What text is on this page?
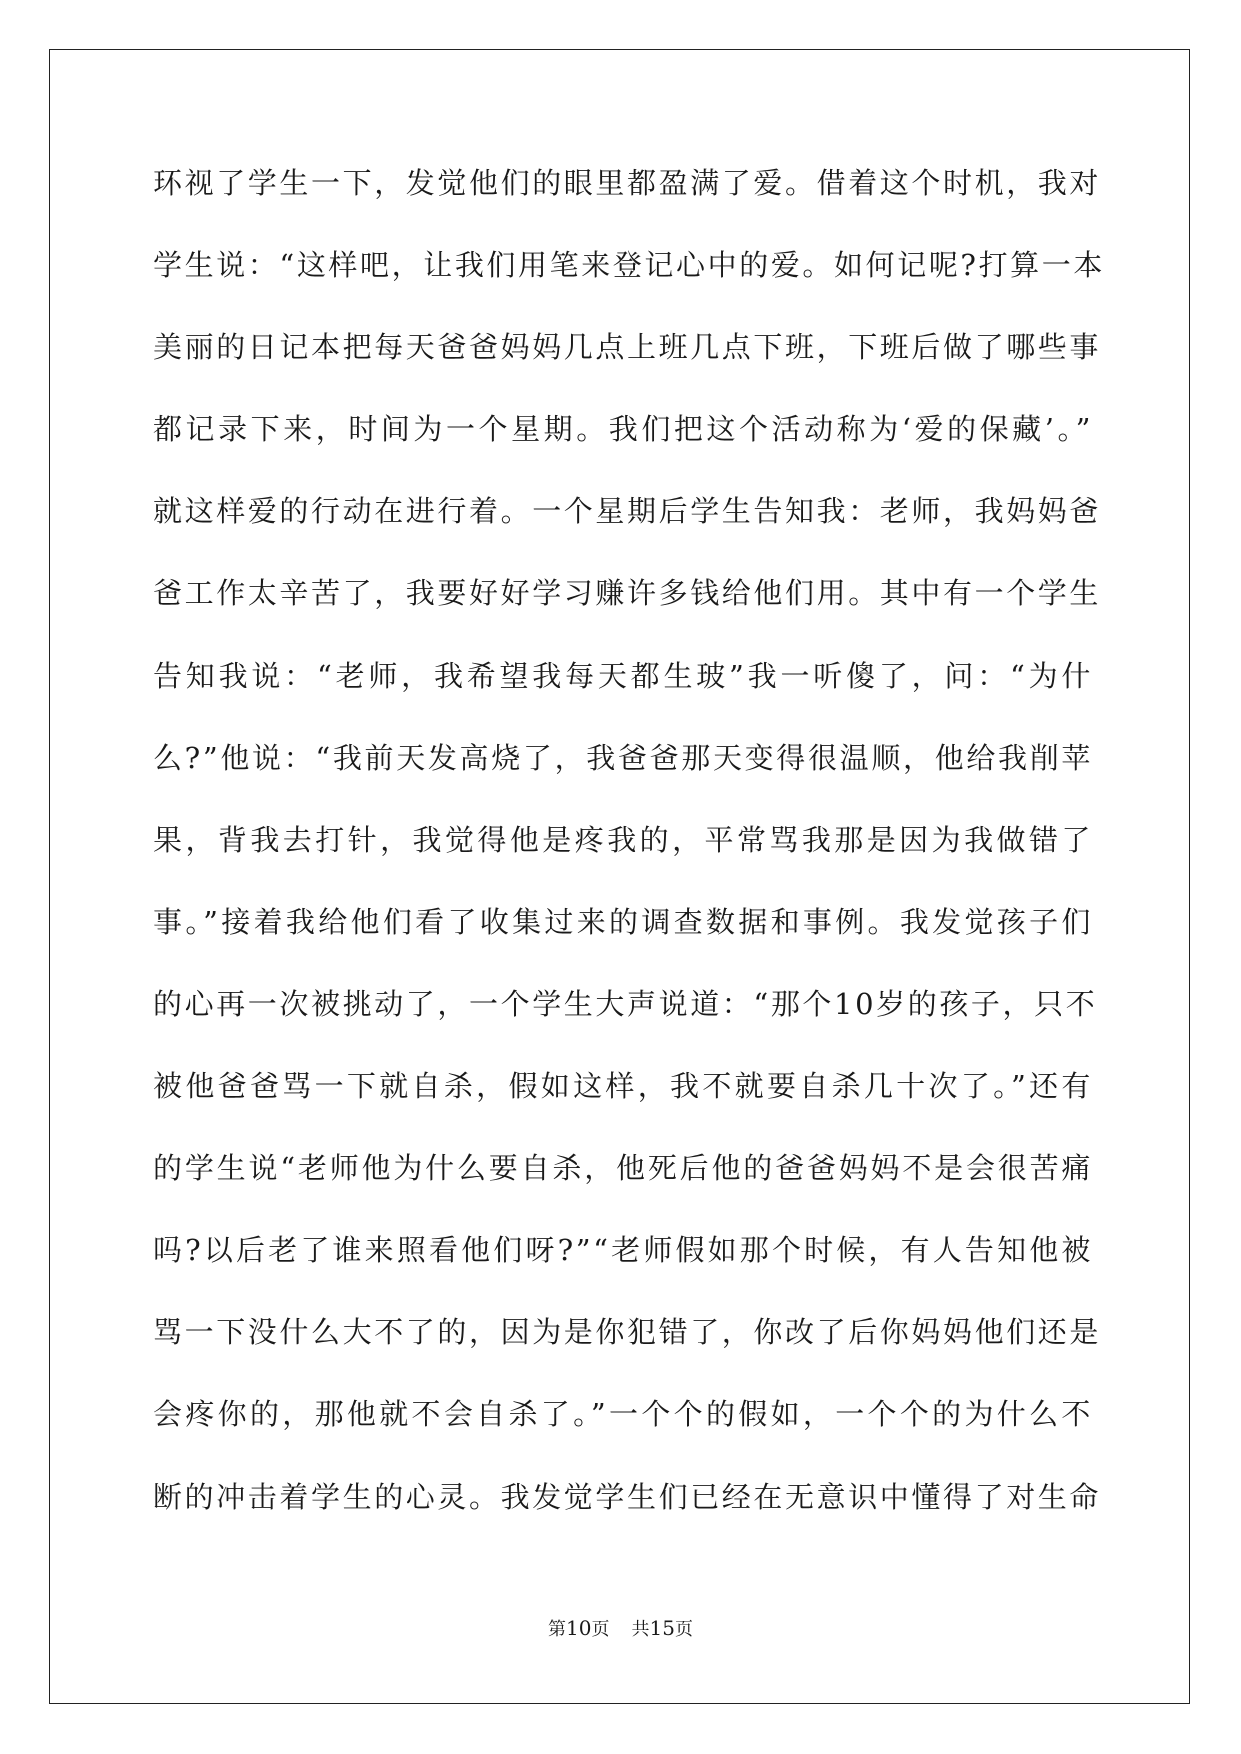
环视了学生一下，发觉他们的眼里都盈满了爱。借着这个时机，我对
学生说：“这样吧，让我们用笔来登记心中的爱。如何记呢?打算一本
美丽的日记本把每天爸爸妈妈几点上班几点下班，下班后做了哪些事
都记录下来，时间为一个星期。我们把这个活动称为‘爱的保藏’。”
就这样爱的行动在进行着。一个星期后学生告知我：老师，我妈妈爸
爸工作太辛苦了，我要好好学习赚许多钱给他们用。其中有一个学生
告知我说：“老师，我希望我每天都生玻”我一听傻了，问：“为什
么?”他说：“我前天发高烧了，我爸爸那天变得很温顺，他给我削苹
果，背我去打针，我觉得他是疼我的，平常骂我那是因为我做错了
事。”接着我给他们看了收集过来的调查数据和事例。我发觉孩子们
的心再一次被挑动了，一个学生大声说道：“那个10岁的孩子，只不
被他爸爸骂一下就自杀，假如这样，我不就要自杀几十次了。”还有
的学生说“老师他为什么要自杀，他死后他的爸爸妈妈不是会很苦痛
吗?以后老了谁来照看他们呀?”“老师假如那个时候，有人告知他被
骂一下没什么大不了的，因为是你犯错了，你改了后你妈妈他们还是
会疼你的，那他就不会自杀了。”一个个的假如，一个个的为什么不
断的冲击着学生的心灵。我发觉学生们已经在无意识中懂得了对生命
第10页 共15页
